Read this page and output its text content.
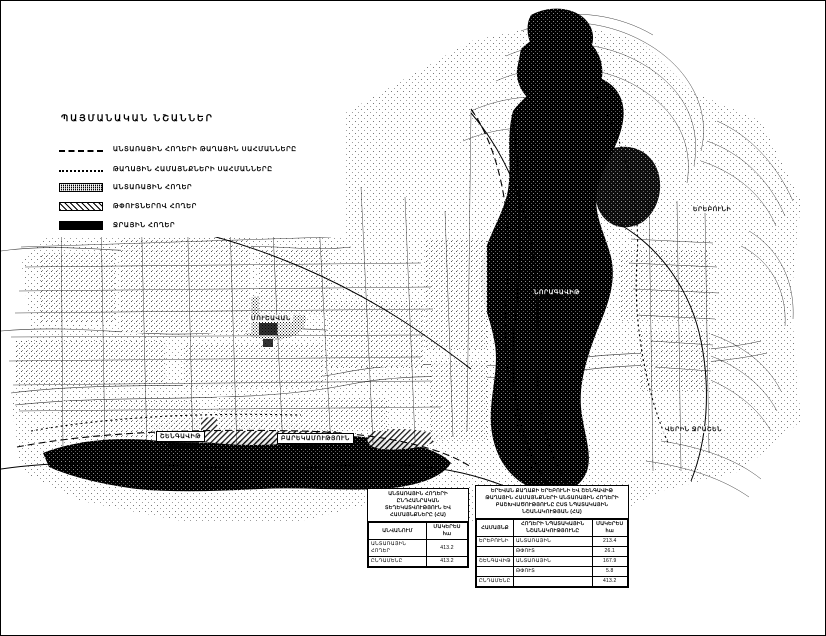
ՊԱՅՄԱՆԱԿԱՆ ՆՇԱՆՆԵՐ
ԱՆՏԱՌԱՅԻՆ ՀՈՂԵՐԻ ԹԱՂԱՅԻՆ ՍԱՀՄԱՆՆԵՐԸ
ԹԱՂԱՅԻՆ ՀԱՄԱՅՆՔՆԵՐԻ ՍԱՀՄԱՆՆԵՐԸ
ԱՆՏԱՌԱՅԻՆ ՀՈՂԵՐ
ԹՓՈՒՏՆԵՐՈՎ ՀՈՂԵՐ
ՋՐԱՅԻՆ ՀՈՂԵՐ
ԵՐԵԲՈՒՆԻ
ՆՈՐԱԳԱՎԻԹ
ՇԵՆԳԱՎԻԹ	ԲԱՐԵԿԱՄՈՒԹՅՈՒՆ
ՎԵՐԻՆ ՋՐԱՇԵՆ
ՄՈՒՇԱՎԱՆ
ԱՆՏԱՌԱՅԻՆ ՀՈՂԵՐԻ ԸՆԴՀԱՆՐԱԿԱՆ ՏԵՂԵԿԱՏՎՈՒԹՅՈՒՆ ԵՎ ՀԱՄԱՅՆՔՆԵՐԸ (ՀԱ)
ԱՆՎԱՆՈՒՄ	ՄԱԿԵՐԵՍ հա
ԱՆՏԱՌԱՅԻՆ ՀՈՂԵՐ	413.2
ԸՆԴԱՄԵՆԸ	413.2
ԵՐԵՎԱՆ ՔԱՂԱՔԻ ԵՐԵԲՈՒՆԻ ԵՎ ՇԵՆԳԱՎԻԹ ԹԱՂԱՅԻՆ ՀԱՄԱՅՆՔՆԵՐԻ ԱՆՏԱՌԱՅԻՆ ՀՈՂԵՐԻ ԲԱՇԽՎԱԾՈՒԹՅՈՒՆԸ ԸՍՏ ՆՊԱՏԱԿԱՅԻՆ ՆՇԱՆԱԿՈՒԹՅԱՆ (ՀԱ)
ՀԱՄԱՅՆՔ	ՀՈՂԵՐԻ ՆՊԱՏԱԿԱՅԻՆ ՆՇԱՆԱԿՈՒԹՅՈՒՆԸ	ՄԱԿԵՐԵՍ հա
ԵՐԵԲՈՒՆԻ	ԱՆՏԱՌԱՅԻՆ	213.4
	ԹՓՈՒՏ	26.1
ՇԵՆԳԱՎԻԹ	ԱՆՏԱՌԱՅԻՆ	167.9
	ԹՓՈՒՏ	5.8
ԸՆԴԱՄԵՆԸ		413.2
